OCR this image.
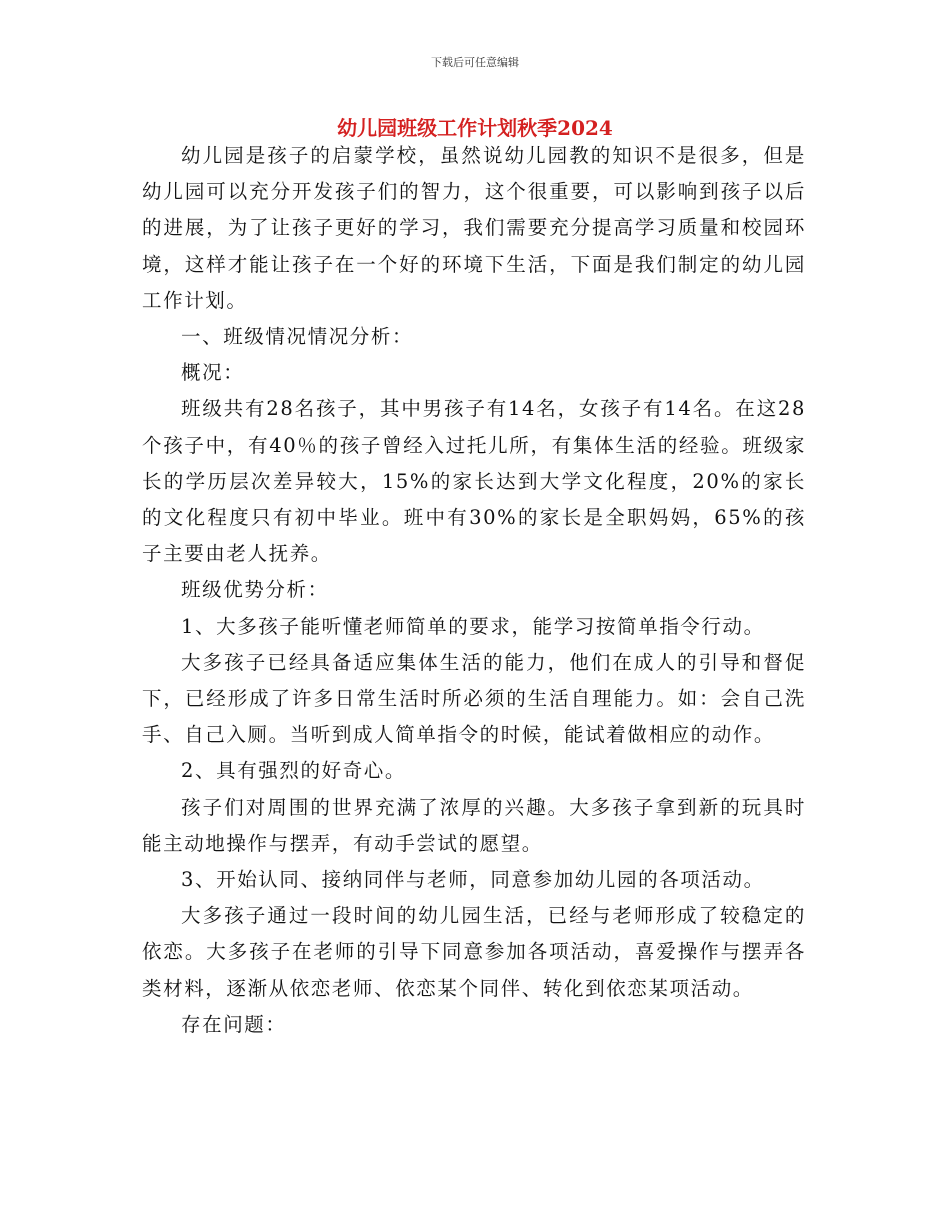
下载后可任意编辑
幼儿园班级工作计划秋季2024

幼儿园是孩子的启蒙学校，虽然说幼儿园教的知识不是很多，但是幼儿园可以充分开发孩子们的智力，这个很重要，可以影响到孩子以后的进展，为了让孩子更好的学习，我们需要充分提高学习质量和校园环境，这样才能让孩子在一个好的环境下生活，下面是我们制定的幼儿园工作计划。

一、班级情况情况分析：

概况：

班级共有28名孩子，其中男孩子有14名，女孩子有14名。在这28个孩子中，有40％的孩子曾经入过托儿所，有集体生活的经验。班级家长的学历层次差异较大，15%的家长达到大学文化程度，20%的家长的文化程度只有初中毕业。班中有30%的家长是全职妈妈，65%的孩子主要由老人抚养。

班级优势分析：

1、大多孩子能听懂老师简单的要求，能学习按简单指令行动。

大多孩子已经具备适应集体生活的能力，他们在成人的引导和督促下，已经形成了许多日常生活时所必须的生活自理能力。如：会自己洗手、自己入厕。当听到成人简单指令的时候，能试着做相应的动作。

2、具有强烈的好奇心。

孩子们对周围的世界充满了浓厚的兴趣。大多孩子拿到新的玩具时能主动地操作与摆弄，有动手尝试的愿望。

3、开始认同、接纳同伴与老师，同意参加幼儿园的各项活动。

大多孩子通过一段时间的幼儿园生活，已经与老师形成了较稳定的依恋。大多孩子在老师的引导下同意参加各项活动，喜爱操作与摆弄各类材料，逐渐从依恋老师、依恋某个同伴、转化到依恋某项活动。

存在问题：
